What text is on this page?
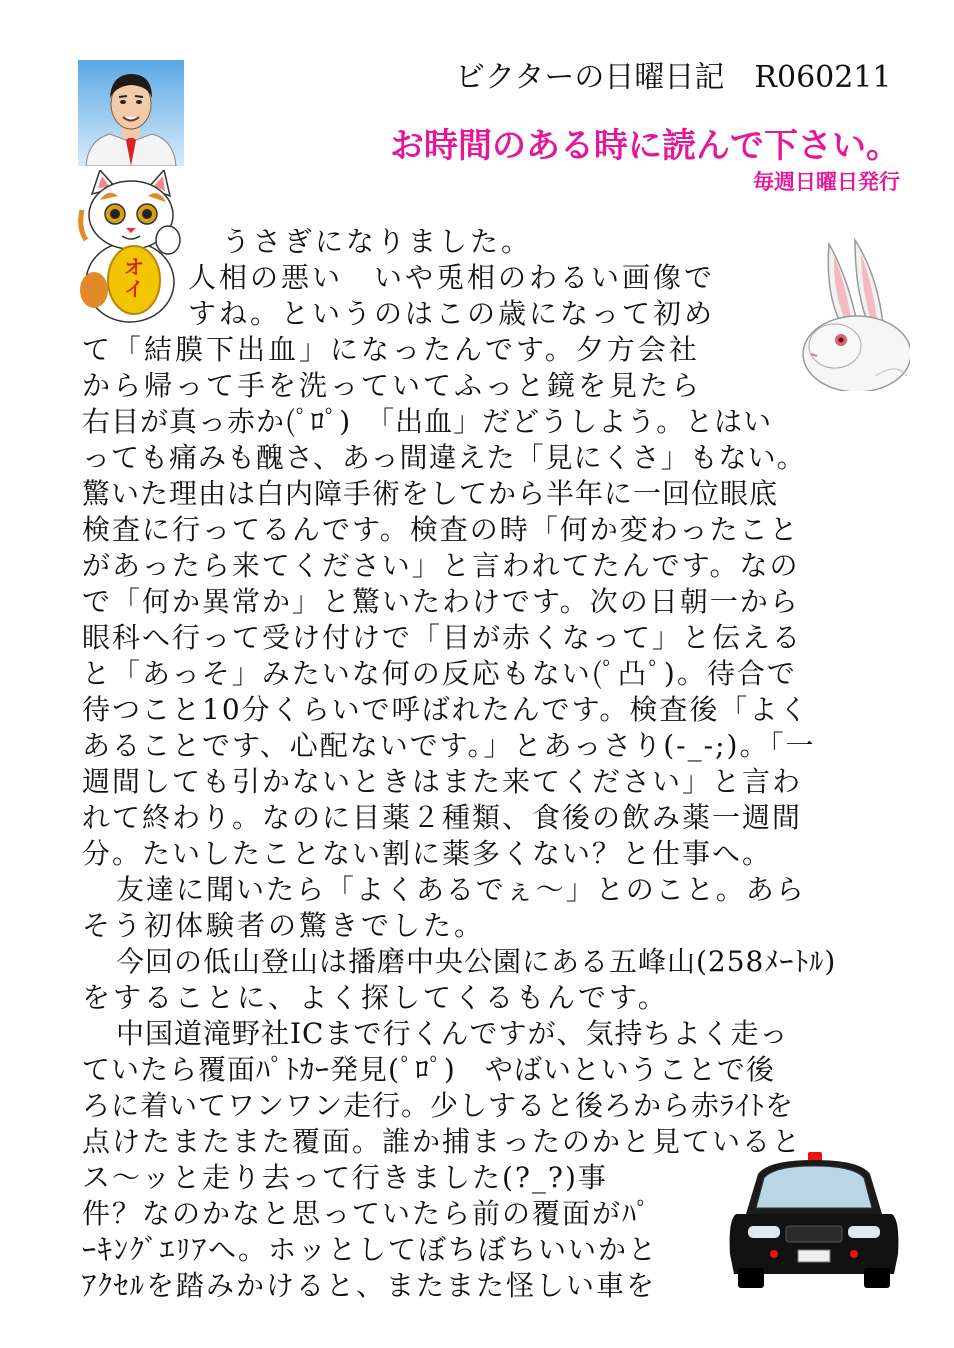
ビクターの日曜日記　R060211
お時間のある時に読んで下さい。
毎週日曜日発行
オイ
うさぎになりました。
人相の悪い　いや兎相のわるい画像で
すね。というのはこの歳になって初め
て「結膜下出血」になったんです。夕方会社
から帰って手を洗っていてふっと鏡を見たら
右目が真っ赤か(ﾟﾛﾟ)　「出血」だどうしよう。とはい
っても痛みも醜さ、あっ間違えた「見にくさ」もない。
驚いた理由は白内障手術をしてから半年に一回位眼底
検査に行ってるんです。検査の時「何か変わったこと
があったら来てください」と言われてたんです。なの
で「何か異常か」と驚いたわけです。次の日朝一から
眼科へ行って受け付けで「目が赤くなって」と伝える
と「あっそ」みたいな何の反応もない(ﾟ凸ﾟ)。待合で
待つこと10分くらいで呼ばれたんです。検査後「よく
あることです、心配ないです。」とあっさり(-_-;)。「一
週間しても引かないときはまた来てください」と言わ
れて終わり。なのに目薬２種類、食後の飲み薬一週間
分。たいしたことない割に薬多くない？と仕事へ。
友達に聞いたら「よくあるでぇ～」とのこと。あら
そう初体験者の驚きでした。
今回の低山登山は播磨中央公園にある五峰山(258ﾒｰﾄﾙ)
をすることに、よく探してくるもんです。
中国道滝野社ICまで行くんですが、気持ちよく走っ
ていたら覆面ﾊﾟﾄｶｰ発見(ﾟﾛﾟ)　やばいということで後
ろに着いてワンワン走行。少しすると後ろから赤ﾗｲﾄを
点けたまたまた覆面。誰か捕まったのかと見ていると
ス～ッと走り去って行きました(?_?)事
件？なのかなと思っていたら前の覆面がﾊﾟ
ｰｷﾝｸﾞｴﾘｱへ。ホッとしてぼちぼちいいかと
ｱｸｾﾙを踏みかけると、またまた怪しい車を
